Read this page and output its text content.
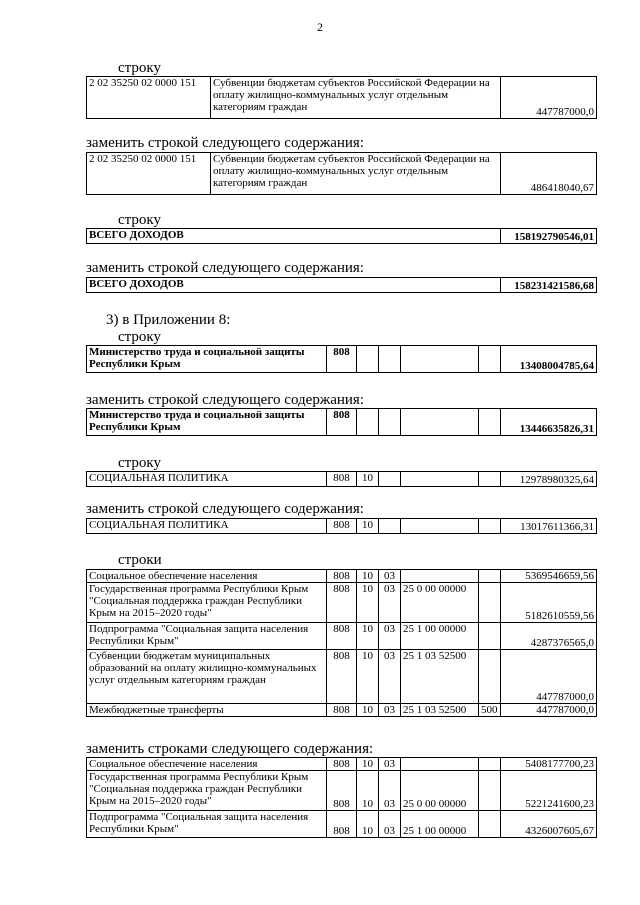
2
строку
2 02 35250 02 0000 151	Субвенции бюджетам субъектов Российской Федерации на оплату жилищно-коммунальных услуг отдельным категориям граждан	447787000,0
заменить строкой следующего содержания:
2 02 35250 02 0000 151	Субвенции бюджетам субъектов Российской Федерации на оплату жилищно-коммунальных услуг отдельным категориям граждан	486418040,67
строку
ВСЕГО ДОХОДОВ	158192790546,01
заменить строкой следующего содержания:
ВСЕГО ДОХОДОВ	158231421586,68
3) в Приложении 8:
строку
Министерство труда и социальной защиты Республики Крым	808					13408004785,64
заменить строкой следующего содержания:
Министерство труда и социальной защиты Республики Крым	808					13446635826,31
строку
СОЦИАЛЬНАЯ ПОЛИТИКА	808	10				12978980325,64
заменить строкой следующего содержания:
СОЦИАЛЬНАЯ ПОЛИТИКА	808	10				13017611366,31
строки
Социальное обеспечение населения	808	10	03			5369546659,56
Государственная программа Республики Крым "Социальная поддержка граждан Республики Крым на 2015–2020 годы"	808	10	03	25 0 00 00000		5182610559,56
Подпрограмма "Социальная защита населения Республики Крым"	808	10	03	25 1 00 00000		4287376565,0
Субвенции бюджетам муниципальных образований на оплату жилищно-коммунальных услуг отдельным категориям граждан	808	10	03	25 1 03 52500		447787000,0
Межбюджетные трансферты	808	10	03	25 1 03 52500	500	447787000,0
заменить строками следующего содержания:
Социальное обеспечение населения	808	10	03			5408177700,23
Государственная программа Республики Крым "Социальная поддержка граждан Республики Крым на 2015–2020 годы"	808	10	03	25 0 00 00000		5221241600,23
Подпрограмма "Социальная защита населения Республики Крым"	808	10	03	25 1 00 00000		4326007605,67
